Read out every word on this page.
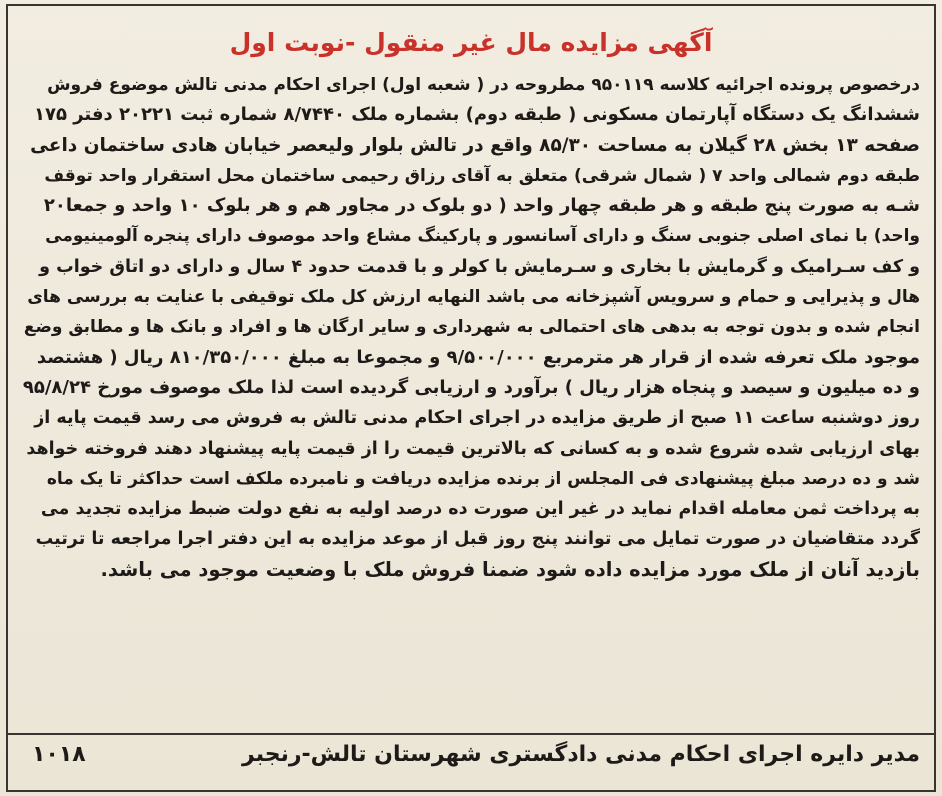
آگهی مزایده مال غیر منقول -نوبت اول
درخصوص پرونده اجرائیه کلاسه ۹۵۰۱۱۹ مطروحه در ( شعبه اول) اجرای احکام مدنی تالش موضوع فروش
ششدانگ یک دستگاه آپارتمان مسکونی ( طبقه دوم) بشماره ملک ۸/۷۴۴۰ شماره ثبت ۲۰۲۲۱ دفتر ۱۷۵
صفحه ۱۳ بخش ۲۸ گیلان به مساحت ۸۵/۳۰ واقع در تالش بلوار ولیعصر خیابان هادی ساختمان داعی
طبقه دوم شمالی واحد ۷ ( شمال شرقی) متعلق به آقای رزاق رحیمی ساختمان محل استقرار واحد توقف
شـه به صورت پنج طبقه و هر طبقه چهار واحد ( دو بلوک در مجاور هم و هر بلوک ۱۰ واحد و جمعا۲۰
واحد) با نمای اصلی جنوبی سنگ و دارای آسانسور و پارکینگ مشاع واحد موصوف دارای پنجره آلومینیومی
و کف سـرامیک و گرمایش با بخاری و سـرمایش با کولر و با قدمت حدود ۴ سال و دارای دو اتاق خواب و
هال و پذیرایی و حمام و سرویس آشپزخانه می باشد النهایه ارزش کل ملک توقیفی با عنایت به بررسی های
انجام شده و بدون توجه به بدهی های احتمالی به شهرداری و سایر ارگان ها و افراد و بانک ها و مطابق وضع
موجود ملک تعرفه شده از قرار هر مترمربع ۹/۵۰۰/۰۰۰ و مجموعا به مبلغ ۸۱۰/۳۵۰/۰۰۰ ریال ( هشتصد
و ده میلیون و سیصد و پنجاه هزار ریال ) برآورد و ارزیابی گردیده است لذا ملک موصوف مورخ ۹۵/۸/۲۴
روز دوشنبه ساعت ۱۱ صبح از طریق مزایده در اجرای احکام مدنی تالش به فروش می رسد قیمت پایه از
بهای ارزیابی شده شروع شده و به کسانی که بالاترین قیمت را از قیمت پایه پیشنهاد دهند فروخته خواهد
شد و ده درصد مبلغ پیشنهادی فی المجلس از برنده مزایده دریافت و نامبرده ملکف است حداکثر تا یک ماه
به پرداخت ثمن معامله اقدام نماید در غیر این صورت ده درصد اولیه به نفع دولت ضبط مزایده تجدید می
گردد متقاضیان در صورت تمایل می توانند پنج روز قبل از موعد مزایده به این دفتر اجرا مراجعه تا ترتیب
بازدید آنان از ملک مورد مزایده داده شود ضمنا فروش ملک با وضعیت موجود می باشد.
مدیر دایره اجرای احکام مدنی دادگستری شهرستان تالش-رنجبر
۱۰۱۸
